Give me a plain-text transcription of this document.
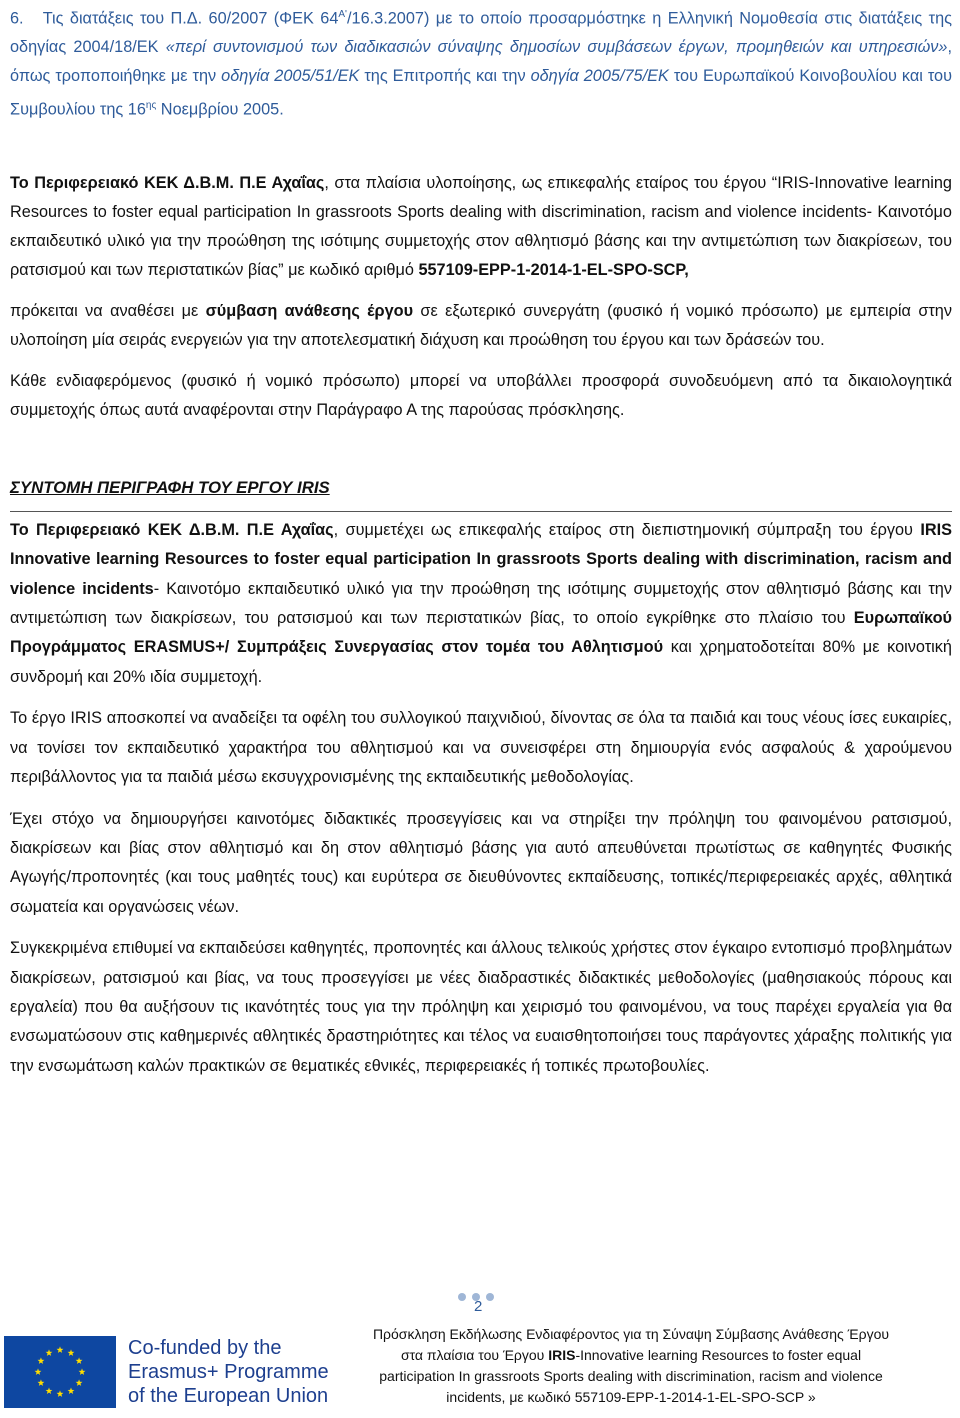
6. Τις διατάξεις του Π.Δ. 60/2007 (ΦΕΚ $64^{A'}/16.3.2007$) με το οποίο προσαρμόστηκε η Ελληνική Νομοθεσία στις διατάξεις της οδηγίας 2004/18/ΕΚ «περί συντονισμού των διαδικασιών σύναψης δημοσίων συμβάσεων έργων, προμηθειών και υπηρεσιών», όπως τροποποιήθηκε με την οδηγία 2005/51/ΕΚ της Επιτροπής και την οδηγία 2005/75/ΕΚ του Ευρωπαϊκού Κοινοβουλίου και του Συμβουλίου της $16^{\eta\varsigma}$ Νοεμβρίου 2005.

Το Περιφερειακό ΚΕΚ Δ.Β.Μ. Π.Ε Αχαΐας, στα πλαίσια υλοποίησης, ως επικεφαλής εταίρος του έργου “IRIS-Innovative learning Resources to foster equal participation In grassroots Sports dealing with discrimination, racism and violence incidents- Καινοτόμο εκπαιδευτικό υλικό για την προώθηση της ισότιμης συμμετοχής στον αθλητισμό βάσης και την αντιμετώπιση των διακρίσεων, του ρατσισμού και των περιστατικών βίας” με κωδικό αριθμό 557109-EPP-1-2014-1-EL-SPO-SCP,

πρόκειται να αναθέσει με σύμβαση ανάθεσης έργου σε εξωτερικό συνεργάτη (φυσικό ή νομικό πρόσωπο) με εμπειρία στην υλοποίηση μία σειράς ενεργειών για την αποτελεσματική διάχυση και προώθηση του έργου και των δράσεών του.

Κάθε ενδιαφερόμενος (φυσικό ή νομικό πρόσωπο) μπορεί να υποβάλλει προσφορά συνοδευόμενη από τα δικαιολογητικά συμμετοχής όπως αυτά αναφέρονται στην Παράγραφο Α της παρούσας πρόσκλησης.

ΣΥΝΤΟΜΗ ΠΕΡΙΓΡΑΦΗ ΤΟΥ ΕΡΓΟΥ IRIS

Το Περιφερειακό ΚΕΚ Δ.Β.Μ. Π.Ε Αχαΐας, συμμετέχει ως επικεφαλής εταίρος στη διεπιστημονική σύμπραξη του έργου IRIS Innovative learning Resources to foster equal participation In grassroots Sports dealing with discrimination, racism and violence incidents- Καινοτόμο εκπαιδευτικό υλικό για την προώθηση της ισότιμης συμμετοχής στον αθλητισμό βάσης και την αντιμετώπιση των διακρίσεων, του ρατσισμού και των περιστατικών βίας, το οποίο εγκρίθηκε στο πλαίσιο του Ευρωπαϊκού Προγράμματος ERASMUS+/ Συμπράξεις Συνεργασίας στον τομέα του Αθλητισμού και χρηματοδοτείται 80% με κοινοτική συνδρομή και 20% ιδία συμμετοχή.

Το έργο IRIS αποσκοπεί να αναδείξει τα οφέλη του συλλογικού παιχνιδιού, δίνοντας σε όλα τα παιδιά και τους νέους ίσες ευκαιρίες, να τονίσει τον εκπαιδευτικό χαρακτήρα του αθλητισμού και να συνεισφέρει στη δημιουργία ενός ασφαλούς & χαρούμενου περιβάλλοντος για τα παιδιά μέσω εκσυγχρονισμένης της εκπαιδευτικής μεθοδολογίας.

Έχει στόχο να δημιουργήσει καινοτόμες διδακτικές προσεγγίσεις και να στηρίξει την πρόληψη του φαινομένου ρατσισμού, διακρίσεων και βίας στον αθλητισμό και δη στον αθλητισμό βάσης για αυτό απευθύνεται πρωτίστως σε καθηγητές Φυσικής Αγωγής/προπονητές (και τους μαθητές τους) και ευρύτερα σε διευθύνοντες εκπαίδευσης, τοπικές/περιφερειακές αρχές, αθλητικά σωματεία και οργανώσεις νέων.

Συγκεκριμένα επιθυμεί να εκπαιδεύσει καθηγητές, προπονητές και άλλους τελικούς χρήστες στον έγκαιρο εντοπισμό προβλημάτων διακρίσεων, ρατσισμού και βίας, να τους προσεγγίσει με νέες διαδραστικές διδακτικές μεθοδολογίες (μαθησιακούς πόρους και εργαλεία) που θα αυξήσουν τις ικανότητές τους για την πρόληψη και χειρισμό του φαινομένου, να τους παρέχει εργαλεία για θα ενσωματώσουν στις καθημερινές αθλητικές δραστηριότητες και τέλος να ευαισθητοποιήσει τους παράγοντες χάραξης πολιτικής για την ενσωμάτωση καλών πρακτικών σε θεματικές εθνικές, περιφερειακές ή τοπικές πρωτοβουλίες.

2
Co-funded by the
Erasmus+ Programme
of the European Union
Πρόσκληση Εκδήλωσης Ενδιαφέροντος για τη Σύναψη Σύμβασης Ανάθεσης Έργου
στα πλαίσια του Έργου IRIS-Innovative learning Resources to foster equal
participation In grassroots Sports dealing with discrimination, racism and violence
incidents, με κωδικό 557109-EPP-1-2014-1-EL-SPO-SCP »
